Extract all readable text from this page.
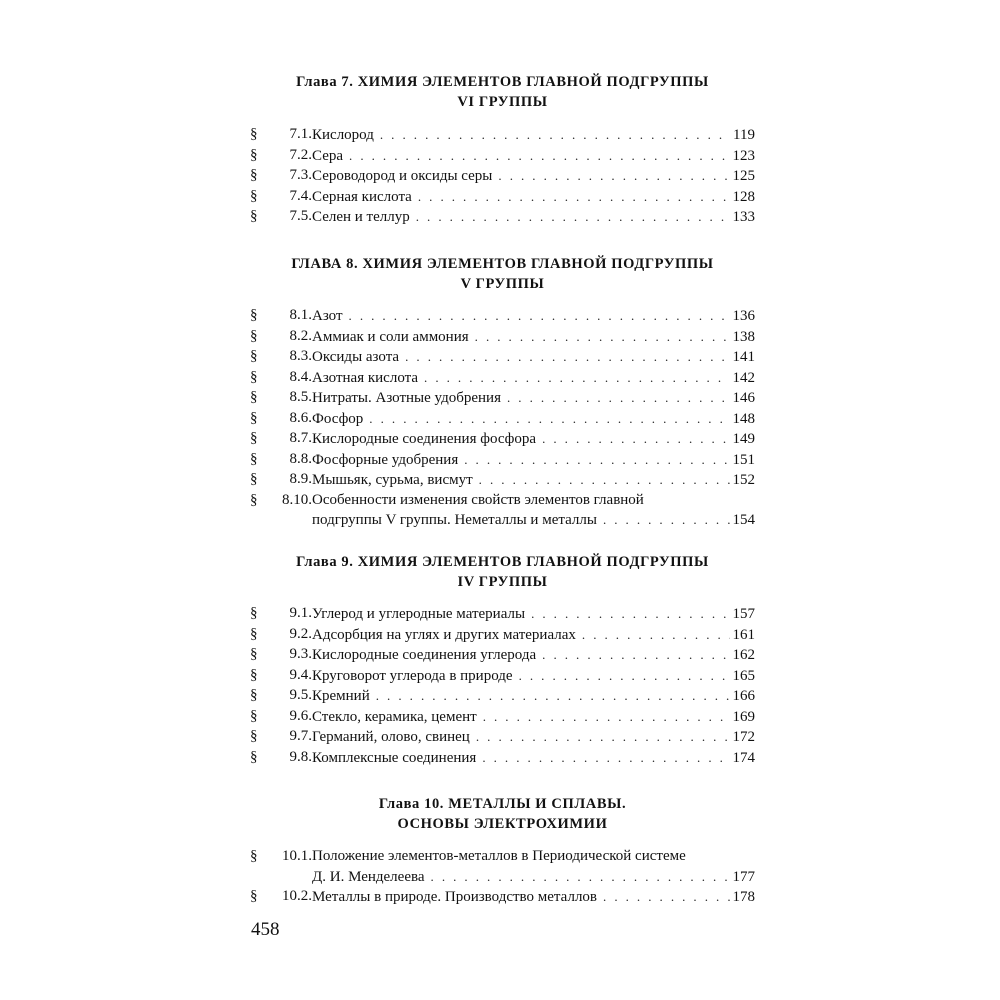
Глава 7. ХИМИЯ ЭЛЕМЕНТОВ ГЛАВНОЙ ПОДГРУППЫ
VI ГРУППЫ
§	7.1. Кислород . . .	119
§	7.2. Сера . . .	123
§	7.3. Сероводород и оксиды серы . . .	125
§	7.4. Серная кислота . . .	128
§	7.5. Селен и теллур . . .	133
ГЛАВА 8. ХИМИЯ ЭЛЕМЕНТОВ ГЛАВНОЙ ПОДГРУППЫ
V ГРУППЫ
§	8.1. Азот . . .	136
§	8.2. Аммиак и соли аммония . . .	138
§	8.3. Оксиды азота . . .	141
§	8.4. Азотная кислота . . .	142
§	8.5. Нитраты. Азотные удобрения . . .	146
§	8.6. Фосфор . . .	148
§	8.7. Кислородные соединения фосфора . . .	149
§	8.8. Фосфорные удобрения . . .	151
§	8.9. Мышьяк, сурьма, висмут . . .	152
§	8.10. Особенности изменения свойств элементов главной
подгруппы V группы. Неметаллы и металлы . . .	154
Глава 9. ХИМИЯ ЭЛЕМЕНТОВ ГЛАВНОЙ ПОДГРУППЫ
IV ГРУППЫ
§	9.1. Углерод и углеродные материалы . . .	157
§	9.2. Адсорбция на углях и других материалах . . .	161
§	9.3. Кислородные соединения углерода . . .	162
§	9.4. Круговорот углерода в природе . . .	165
§	9.5. Кремний . . .	166
§	9.6. Стекло, керамика, цемент . . .	169
§	9.7. Германий, олово, свинец . . .	172
§	9.8. Комплексные соединения . . .	174
Глава 10. МЕТАЛЛЫ И СПЛАВЫ.
ОСНОВЫ ЭЛЕКТРОХИМИИ
§	10.1. Положение элементов-металлов в Периодической системе
Д. И. Менделеева . . .	177
§	10.2. Металлы в природе. Производство металлов . . .	178
458
